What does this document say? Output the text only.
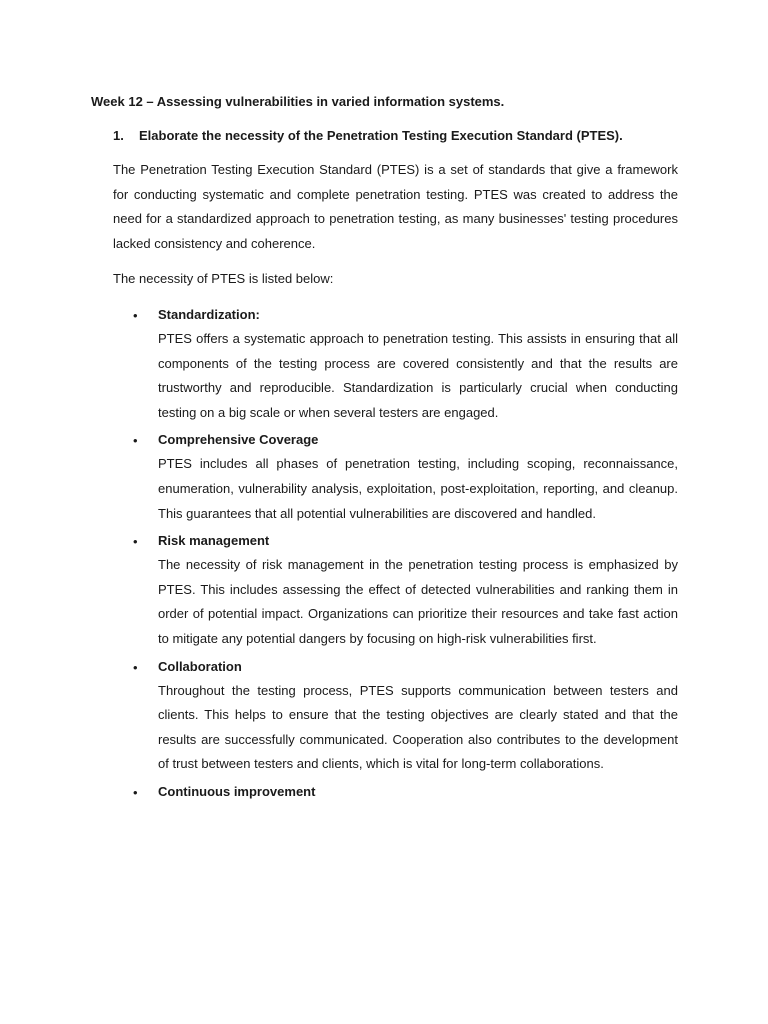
Week 12 – Assessing vulnerabilities in varied information systems.
1. Elaborate the necessity of the Penetration Testing Execution Standard (PTES).

The Penetration Testing Execution Standard (PTES) is a set of standards that give a framework for conducting systematic and complete penetration testing. PTES was created to address the need for a standardized approach to penetration testing, as many businesses' testing procedures lacked consistency and coherence.

The necessity of PTES is listed below:

• Standardization:

PTES offers a systematic approach to penetration testing. This assists in ensuring that all components of the testing process are covered consistently and that the results are trustworthy and reproducible. Standardization is particularly crucial when conducting testing on a big scale or when several testers are engaged.

• Comprehensive Coverage

PTES includes all phases of penetration testing, including scoping, reconnaissance, enumeration, vulnerability analysis, exploitation, post-exploitation, reporting, and cleanup. This guarantees that all potential vulnerabilities are discovered and handled.

• Risk management

The necessity of risk management in the penetration testing process is emphasized by PTES. This includes assessing the effect of detected vulnerabilities and ranking them in order of potential impact. Organizations can prioritize their resources and take fast action to mitigate any potential dangers by focusing on high-risk vulnerabilities first.

• Collaboration

Throughout the testing process, PTES supports communication between testers and clients. This helps to ensure that the testing objectives are clearly stated and that the results are successfully communicated. Cooperation also contributes to the development of trust between testers and clients, which is vital for long-term collaborations.

• Continuous improvement
